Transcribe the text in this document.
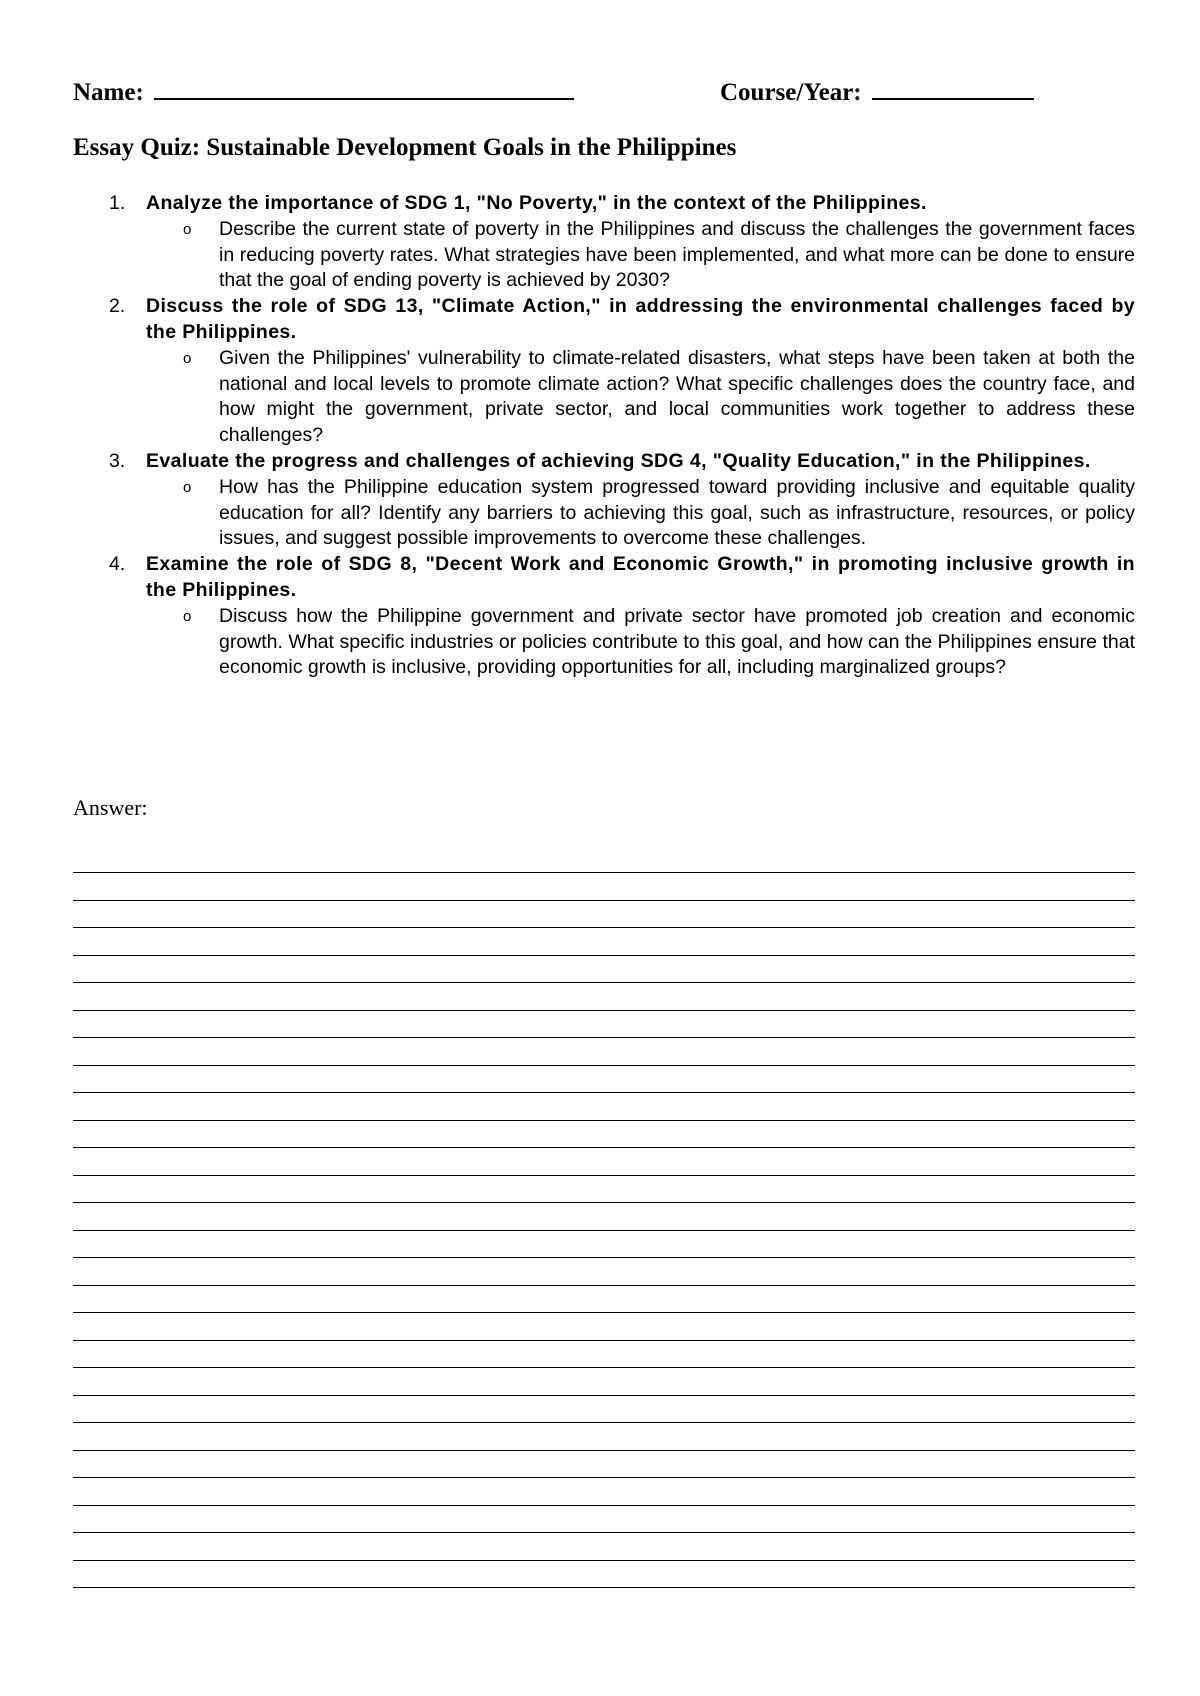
Name:	Course/Year:
Essay Quiz: Sustainable Development Goals in the Philippines
1. Analyze the importance of SDG 1, "No Poverty," in the context of the Philippines.
o Describe the current state of poverty in the Philippines and discuss the challenges the government faces in reducing poverty rates. What strategies have been implemented, and what more can be done to ensure that the goal of ending poverty is achieved by 2030?
2. Discuss the role of SDG 13, "Climate Action," in addressing the environmental challenges faced by the Philippines.
o Given the Philippines' vulnerability to climate-related disasters, what steps have been taken at both the national and local levels to promote climate action? What specific challenges does the country face, and how might the government, private sector, and local communities work together to address these challenges?
3. Evaluate the progress and challenges of achieving SDG 4, "Quality Education," in the Philippines.
o How has the Philippine education system progressed toward providing inclusive and equitable quality education for all? Identify any barriers to achieving this goal, such as infrastructure, resources, or policy issues, and suggest possible improvements to overcome these challenges.
4. Examine the role of SDG 8, "Decent Work and Economic Growth," in promoting inclusive growth in the Philippines.
o Discuss how the Philippine government and private sector have promoted job creation and economic growth. What specific industries or policies contribute to this goal, and how can the Philippines ensure that economic growth is inclusive, providing opportunities for all, including marginalized groups?
Answer:
